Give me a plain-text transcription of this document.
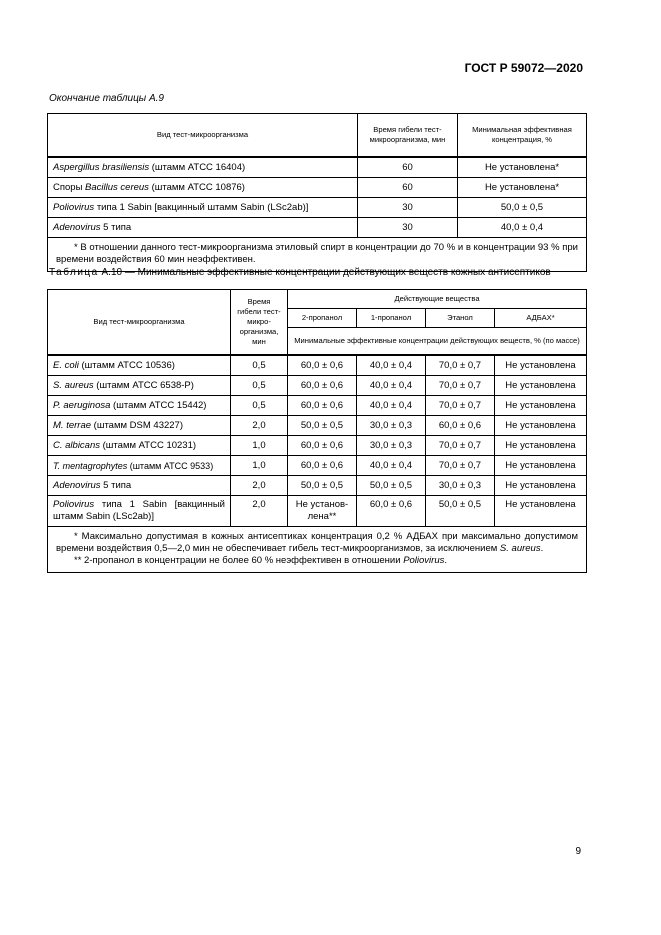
ГОСТ Р 59072—2020
Окончание таблицы А.9
Вид тест-микроорганизма	Время гибели тест-микроорганизма, мин	Минимальная эффективная концентрация, %
Aspergillus brasiliensis (штамм ATCC 16404)	60	Не установлена*
Споры Bacillus cereus (штамм ATCC 10876)	60	Не установлена*
Poliovirus типа 1 Sabin [вакцинный штамм Sabin (LSc2ab)]	30	50,0 ± 0,5
Adenovirus 5 типа	30	40,0 ± 0,4

* В отношении данного тест-микроорганизма этиловый спирт в концентрации до 70 % и в концентрации 93 % при времени воздействия 60 мин неэффективен.		

Таблица А.10 — Минимальные эффективные концентрации действующих веществ кожных антисептиков
Вид тест-микроорганизма	Время гибели тест-микро-организма, мин	Действующие вещества			
		2-пропанол	1-пропанол	Этанол	АДБАХ*
		Минимальные эффективные концентрации действующих веществ, % (по массе)			
E. coli (штамм ATCC 10536)	0,5	60,0 ± 0,6	40,0 ± 0,4	70,0 ± 0,7	Не установлена
S. aureus (штамм ATCC 6538-P)	0,5	60,0 ± 0,6	40,0 ± 0,4	70,0 ± 0,7	Не установлена
P. aeruginosa (штамм ATCC 15442)	0,5	60,0 ± 0,6	40,0 ± 0,4	70,0 ± 0,7	Не установлена
M. terrae (штамм DSM 43227)	2,0	50,0 ± 0,5	30,0 ± 0,3	60,0 ± 0,6	Не установлена
C. albicans (штамм ATCC 10231)	1,0	60,0 ± 0,6	30,0 ± 0,3	70,0 ± 0,7	Не установлена
T. mentagrophytes (штамм ATCC 9533)	1,0	60,0 ± 0,6	40,0 ± 0,4	70,0 ± 0,7	Не установлена
Adenovirus 5 типа	2,0	50,0 ± 0,5	50,0 ± 0,5	30,0 ± 0,3	Не установлена
Poliovirus типа 1 Sabin [вакцинный штамм Sabin (LSc2ab)]	2,0	Не установ-лена**	60,0 ± 0,6	50,0 ± 0,5	Не установлена

* Максимально допустимая в кожных антисептиках концентрация 0,2 % АДБАХ при максимально допустимом времени воздействия 0,5—2,0 мин не обеспечивает гибель тест-микроорганизмов, за исключением S. aureus.

** 2-пропанол в концентрации не более 60 % неэффективен в отношении Poliovirus.					

9
